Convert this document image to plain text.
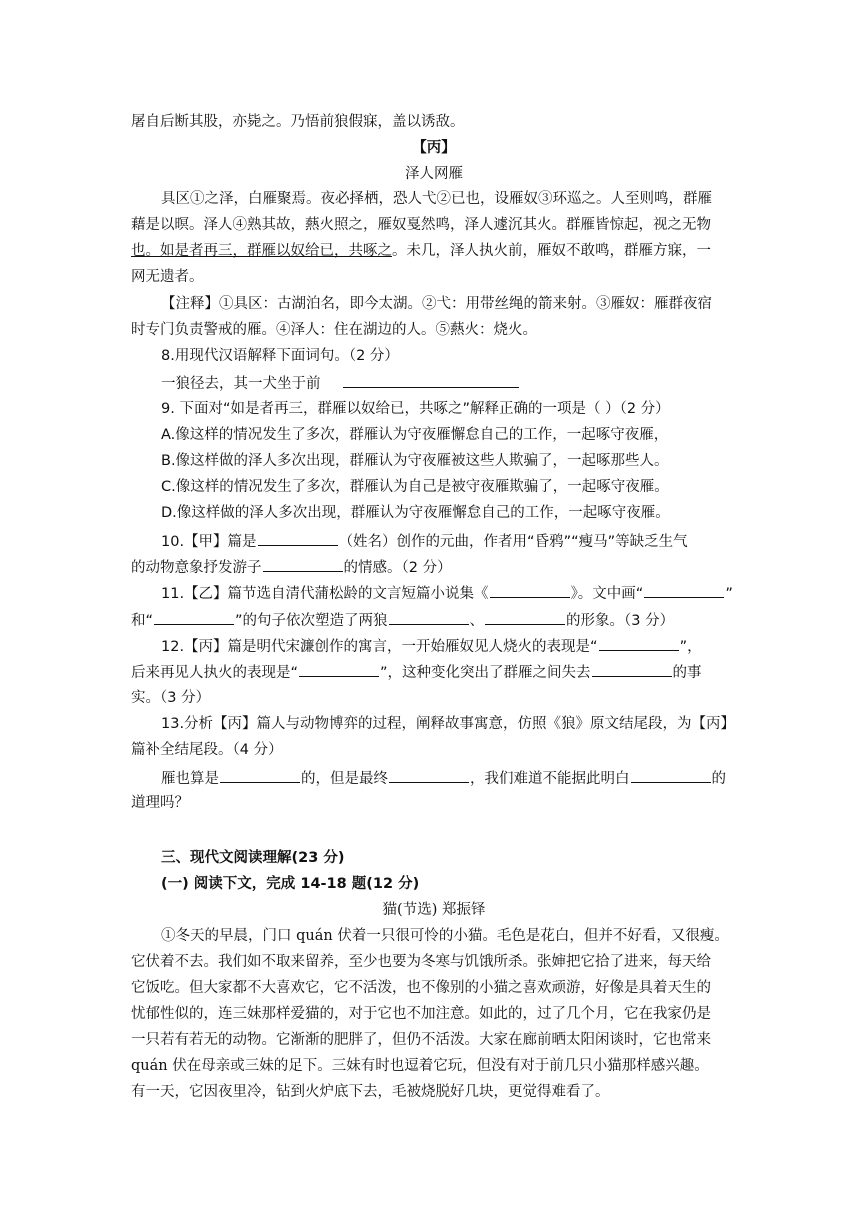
屠自后断其股，亦毙之。乃悟前狼假寐，盖以诱敌。
【丙】
泽人网雁
具区①之泽，白雁聚焉。夜必择栖，恐人弋②已也，设雁奴③环巡之。人至则鸣，群雁
藉是以暝。泽人④熟其故，爇火照之，雁奴戛然鸣，泽人遽沉其火。群雁皆惊起，视之无物
也。如是者再三，群雁以奴给已，共啄之。未几，泽人执火前，雁奴不敢鸣，群雁方寐，一
网无遗者。
【注释】①具区：古湖泊名，即今太湖。②弋：用带丝绳的箭来射。③雁奴：雁群夜宿
时专门负责警戒的雁。④泽人：住在湖边的人。⑤爇火：烧火。
8.用现代汉语解释下面词句。（2 分）
一狼径去，其一犬坐于前
9. 下面对“如是者再三，群雁以奴给已，共啄之”解释正确的一项是（ ）（2 分）
A.像这样的情况发生了多次，群雁认为守夜雁懈怠自己的工作，一起啄守夜雁，
B.像这样做的泽人多次出现，群雁认为守夜雁被这些人欺骗了，一起啄那些人。
C.像这样的情况发生了多次，群雁认为自己是被守夜雁欺骗了，一起啄守夜雁。
D.像这样做的泽人多次出现，群雁认为守夜雁懈怠自己的工作，一起啄守夜雁。
10.【甲】篇是	（姓名）创作的元曲，作者用“昏鸦”“瘦马”等缺乏生气
的动物意象抒发游子	的情感。（2 分）
11.【乙】篇节选自清代蒲松龄的文言短篇小说集《	》。文中画“	”
和“	”的句子依次塑造了两狼	、	的形象。（3 分）
12.【丙】篇是明代宋濂创作的寓言，一开始雁奴见人烧火的表现是“	”，
后来再见人执火的表现是“	”，这种变化突出了群雁之间失去	的事
实。（3 分）
13.分析【丙】篇人与动物博弈的过程，阐释故事寓意，仿照《狼》原文结尾段，为【丙】
篇补全结尾段。（4 分）
雁也算是	的，但是最终	，我们难道不能据此明白	的
道理吗？
三、现代文阅读理解(23 分)
(一) 阅读下文，完成 14-18 题(12 分)
猫(节选) 郑振铎
①冬天的早晨，门口 quán 伏着一只很可怜的小猫。毛色是花白，但并不好看，又很瘦。
它伏着不去。我们如不取来留养，至少也要为冬寒与饥饿所杀。张婶把它拾了进来，每天给
它饭吃。但大家都不大喜欢它，它不活泼，也不像别的小猫之喜欢顽游，好像是具着天生的
忧郁性似的，连三妹那样爱猫的，对于它也不加注意。如此的，过了几个月，它在我家仍是
一只若有若无的动物。它渐渐的肥胖了，但仍不活泼。大家在廊前晒太阳闲谈时，它也常来
quán 伏在母亲或三妹的足下。三妹有时也逗着它玩，但没有对于前几只小猫那样感兴趣。
有一天，它因夜里冷，钻到火炉底下去，毛被烧脱好几块，更觉得难看了。
